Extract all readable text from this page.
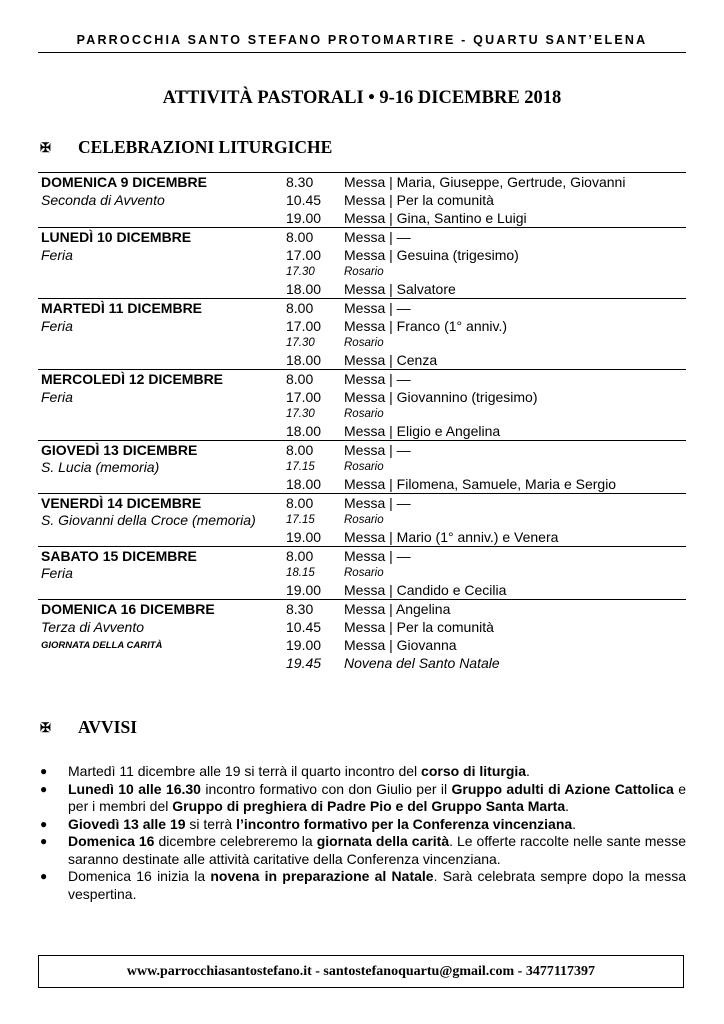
PARROCCHIA SANTO STEFANO PROTOMARTIRE - QUARTU SANT’ELENA
ATTIVITÀ PASTORALI • 9-16 DICEMBRE 2018
✠	CELEBRAZIONI LITURGICHE
DOMENICA 9 DICEMBRE	8.30	Messa | Maria, Giuseppe, Gertrude, Giovanni
Seconda di Avvento	10.45	Messa | Per la comunità
19.00	Messa | Gina, Santino e Luigi
LUNEDÌ 10 DICEMBRE	8.00	Messa | —
Feria	17.00	Messa | Gesuina (trigesimo)
17.30	Rosario
18.00	Messa | Salvatore
MARTEDÌ 11 DICEMBRE	8.00	Messa | —
Feria	17.00	Messa | Franco (1° anniv.)
17.30	Rosario
18.00	Messa | Cenza
MERCOLEDÌ 12 DICEMBRE	8.00	Messa | —
Feria	17.00	Messa | Giovannino (trigesimo)
17.30	Rosario
18.00	Messa | Eligio e Angelina
GIOVEDÌ 13 DICEMBRE	8.00	Messa | —
S. Lucia (memoria)	17.15	Rosario
18.00	Messa | Filomena, Samuele, Maria e Sergio
VENERDÌ 14 DICEMBRE	8.00	Messa | —
S. Giovanni della Croce (memoria)	17.15	Rosario
19.00	Messa | Mario (1° anniv.) e Venera
SABATO 15 DICEMBRE	8.00	Messa | —
Feria	18.15	Rosario
19.00	Messa | Candido e Cecilia
DOMENICA 16 DICEMBRE	8.30	Messa | Angelina
Terza di Avvento	10.45	Messa | Per la comunità
GIORNATA DELLA CARITÀ	19.00	Messa | Giovanna
19.45	Novena del Santo Natale
✠	AVVISI
●	Martedì 11 dicembre alle 19 si terrà il quarto incontro del corso di liturgia.
●	Lunedì 10 alle 16.30 incontro formativo con don Giulio per il Gruppo adulti di Azione Cattolica e per i membri del Gruppo di preghiera di Padre Pio e del Gruppo Santa Marta.
●	Giovedì 13 alle 19 si terrà l’incontro formativo per la Conferenza vincenziana.
●	Domenica 16 dicembre celebreremo la giornata della carità. Le offerte raccolte nelle sante messe saranno destinate alle attività caritative della Conferenza vincenziana.
●	Domenica 16 inizia la novena in preparazione al Natale. Sarà celebrata sempre dopo la messa vespertina.
www.parrocchiasantostefano.it - santostefanoquartu@gmail.com - 3477117397
